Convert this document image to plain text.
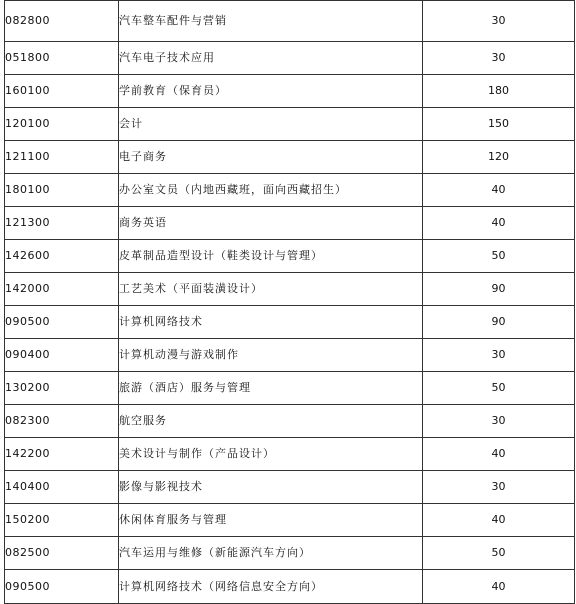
082800	汽车整车配件与营销	30
051800	汽车电子技术应用	30
160100	学前教育（保育员）	180
120100	会计	150
121100	电子商务	120
180100	办公室文员（内地西藏班，面向西藏招生）	40
121300	商务英语	40
142600	皮革制品造型设计（鞋类设计与管理）	50
142000	工艺美术（平面装潢设计）	90
090500	计算机网络技术	90
090400	计算机动漫与游戏制作	30
130200	旅游（酒店）服务与管理	50
082300	航空服务	30
142200	美术设计与制作（产品设计）	40
140400	影像与影视技术	30
150200	休闲体育服务与管理	40
082500	汽车运用与维修（新能源汽车方向）	50
090500	计算机网络技术（网络信息安全方向）	40
